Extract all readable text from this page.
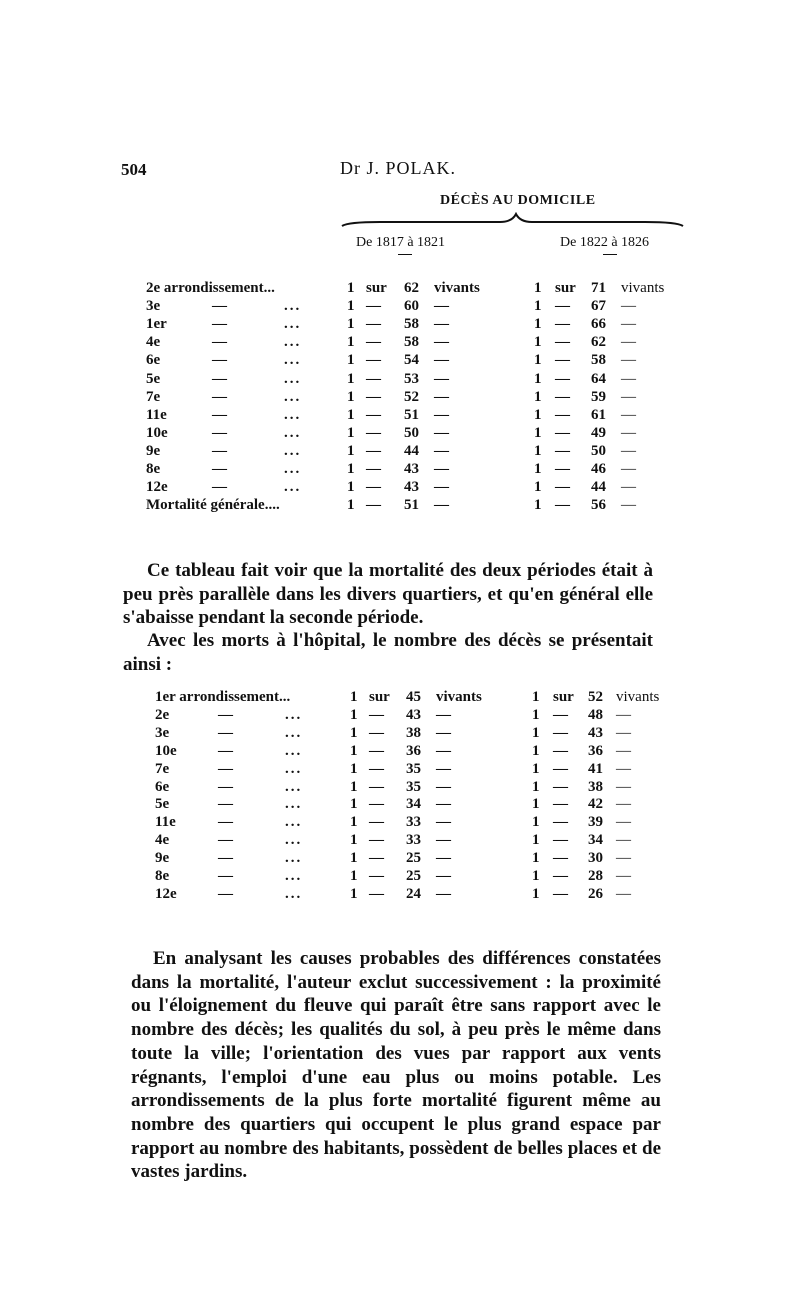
504	Dr J. POLAK.
DÉCÈS AU DOMICILE
De 1817 à 1821	De 1822 à 1826
2e arrondissement...	1 sur 62 vivants	1 sur 71 vivants
3e	—	...	1 — 60 —	1 — 67 —
1er	—	...	1 — 58 —	1 — 66 —
4e	—	...	1 — 58 —	1 — 62 —
6e	—	...	1 — 54 —	1 — 58 —
5e	—	...	1 — 53 —	1 — 64 —
7e	—	...	1 — 52 —	1 — 59 —
11e	—	...	1 — 51 —	1 — 61 —
10e	—	...	1 — 50 —	1 — 49 —
9e	—	...	1 — 44 —	1 — 50 —
8e	—	...	1 — 43 —	1 — 46 —
12e	—	...	1 — 43 —	1 — 44 —
Mortalité générale....	1 — 51 —	1 — 56 —

Ce tableau fait voir que la mortalité des deux périodes était à peu près parallèle dans les divers quartiers, et qu'en général elle s'abaisse pendant la seconde période.

Avec les morts à l'hôpital, le nombre des décès se présentait ainsi :

1er arrondissement...	1 sur 45 vivants	1 sur 52 vivants
2e	—	...	1 — 43 —	1 — 48 —
3e	—	...	1 — 38 —	1 — 43 —
10e	—	...	1 — 36 —	1 — 36 —
7e	—	...	1 — 35 —	1 — 41 —
6e	—	...	1 — 35 —	1 — 38 —
5e	—	...	1 — 34 —	1 — 42 —
11e	—	...	1 — 33 —	1 — 39 —
4e	—	...	1 — 33 —	1 — 34 —
9e	—	...	1 — 25 —	1 — 30 —
8e	—	...	1 — 25 —	1 — 28 —
12e	—	...	1 — 24 —	1 — 26 —

En analysant les causes probables des différences constatées dans la mortalité, l'auteur exclut successivement : la proximité ou l'éloignement du fleuve qui paraît être sans rapport avec le nombre des décès; les qualités du sol, à peu près le même dans toute la ville; l'orientation des vues par rapport aux vents régnants, l'emploi d'une eau plus ou moins potable. Les arrondissements de la plus forte mortalité figurent même au nombre des quartiers qui occupent le plus grand espace par rapport au nombre des habitants, possèdent de belles places et de vastes jardins.
